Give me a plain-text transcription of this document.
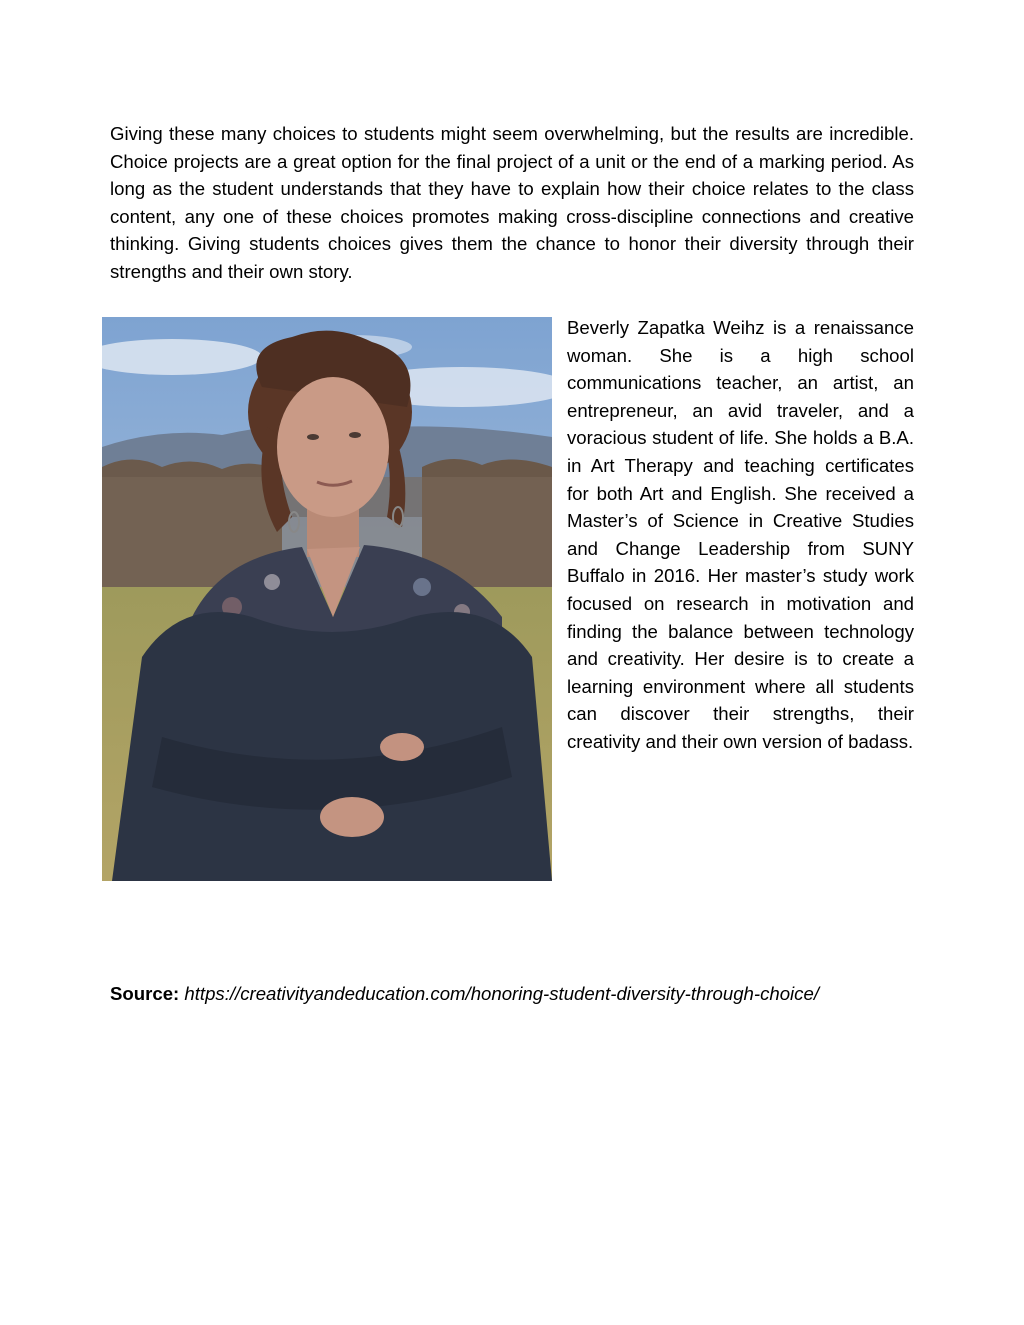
Giving these many choices to students might seem overwhelming, but the results are incredible. Choice projects are a great option for the final project of a unit or the end of a marking period. As long as the student understands that they have to explain how their choice relates to the class content, any one of these choices promotes making cross-discipline connections and creative thinking. Giving students choices gives them the chance to honor their diversity through their strengths and their own story.

Beverly Zapatka Weihz is a renaissance woman. She is a high school communications teacher, an artist, an entrepreneur, an avid traveler, and a voracious student of life. She holds a B.A. in Art Therapy and teaching certificates for both Art and English. She received a Master’s of Science in Creative Studies and Change Leadership from SUNY Buffalo in 2016. Her master’s study work focused on research in motivation and finding the balance between technology and creativity. Her desire is to create a learning environment where all students can discover their strengths, their creativity and their own version of badass.

Source: https://creativityandeducation.com/honoring-student-diversity-through-choice/
